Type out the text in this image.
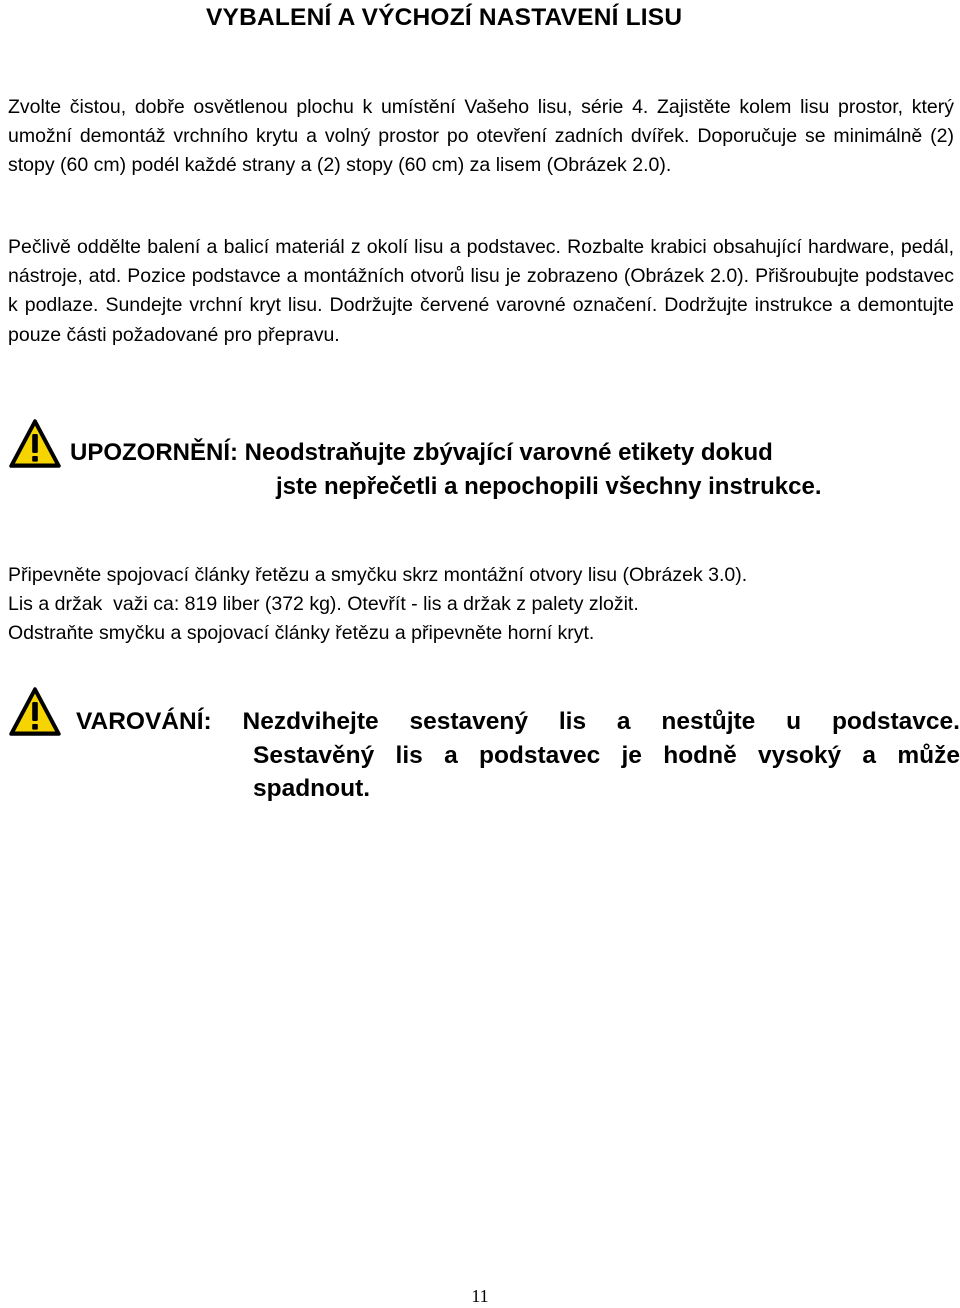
VYBALENÍ A VÝCHOZÍ NASTAVENÍ LISU

Zvolte čistou, dobře osvětlenou plochu k umístění Vašeho lisu, série 4. Zajistěte kolem lisu prostor, který umožní demontáž vrchního krytu a volný prostor po otevření zadních dvířek. Doporučuje se minimálně (2) stopy (60 cm) podél každé strany a (2) stopy (60 cm) za lisem (Obrázek 2.0).

Pečlivě oddělte balení a balicí materiál z okolí lisu a podstavec. Rozbalte krabici obsahující hardware, pedál, nástroje, atd. Pozice podstavce a montážních otvorů lisu je zobrazeno (Obrázek 2.0). Přišroubujte podstavec k podlaze. Sundejte vrchní kryt lisu. Dodržujte červené varovné označení. Dodržujte instrukce a demontujte pouze části požadované pro přepravu.

UPOZORNĚNÍ: Neodstraňujte zbývající varovné etikety dokud
jste nepřečetli a nepochopili všechny instrukce.
Připevněte spojovací články řetězu a smyčku skrz montážní otvory lisu (Obrázek 3.0).
Lis a držak  važi ca: 819 liber (372 kg). Otevřít - lis a držak z palety zložit.
Odstraňte smyčku a spojovací články řetězu a připevněte horní kryt.
VAROVÁNÍ: Nezdvihejte sestavený lis a nestůjte u podstavce.
Sestavěný lis a podstavec je hodně vysoký a může
spadnout.

11
